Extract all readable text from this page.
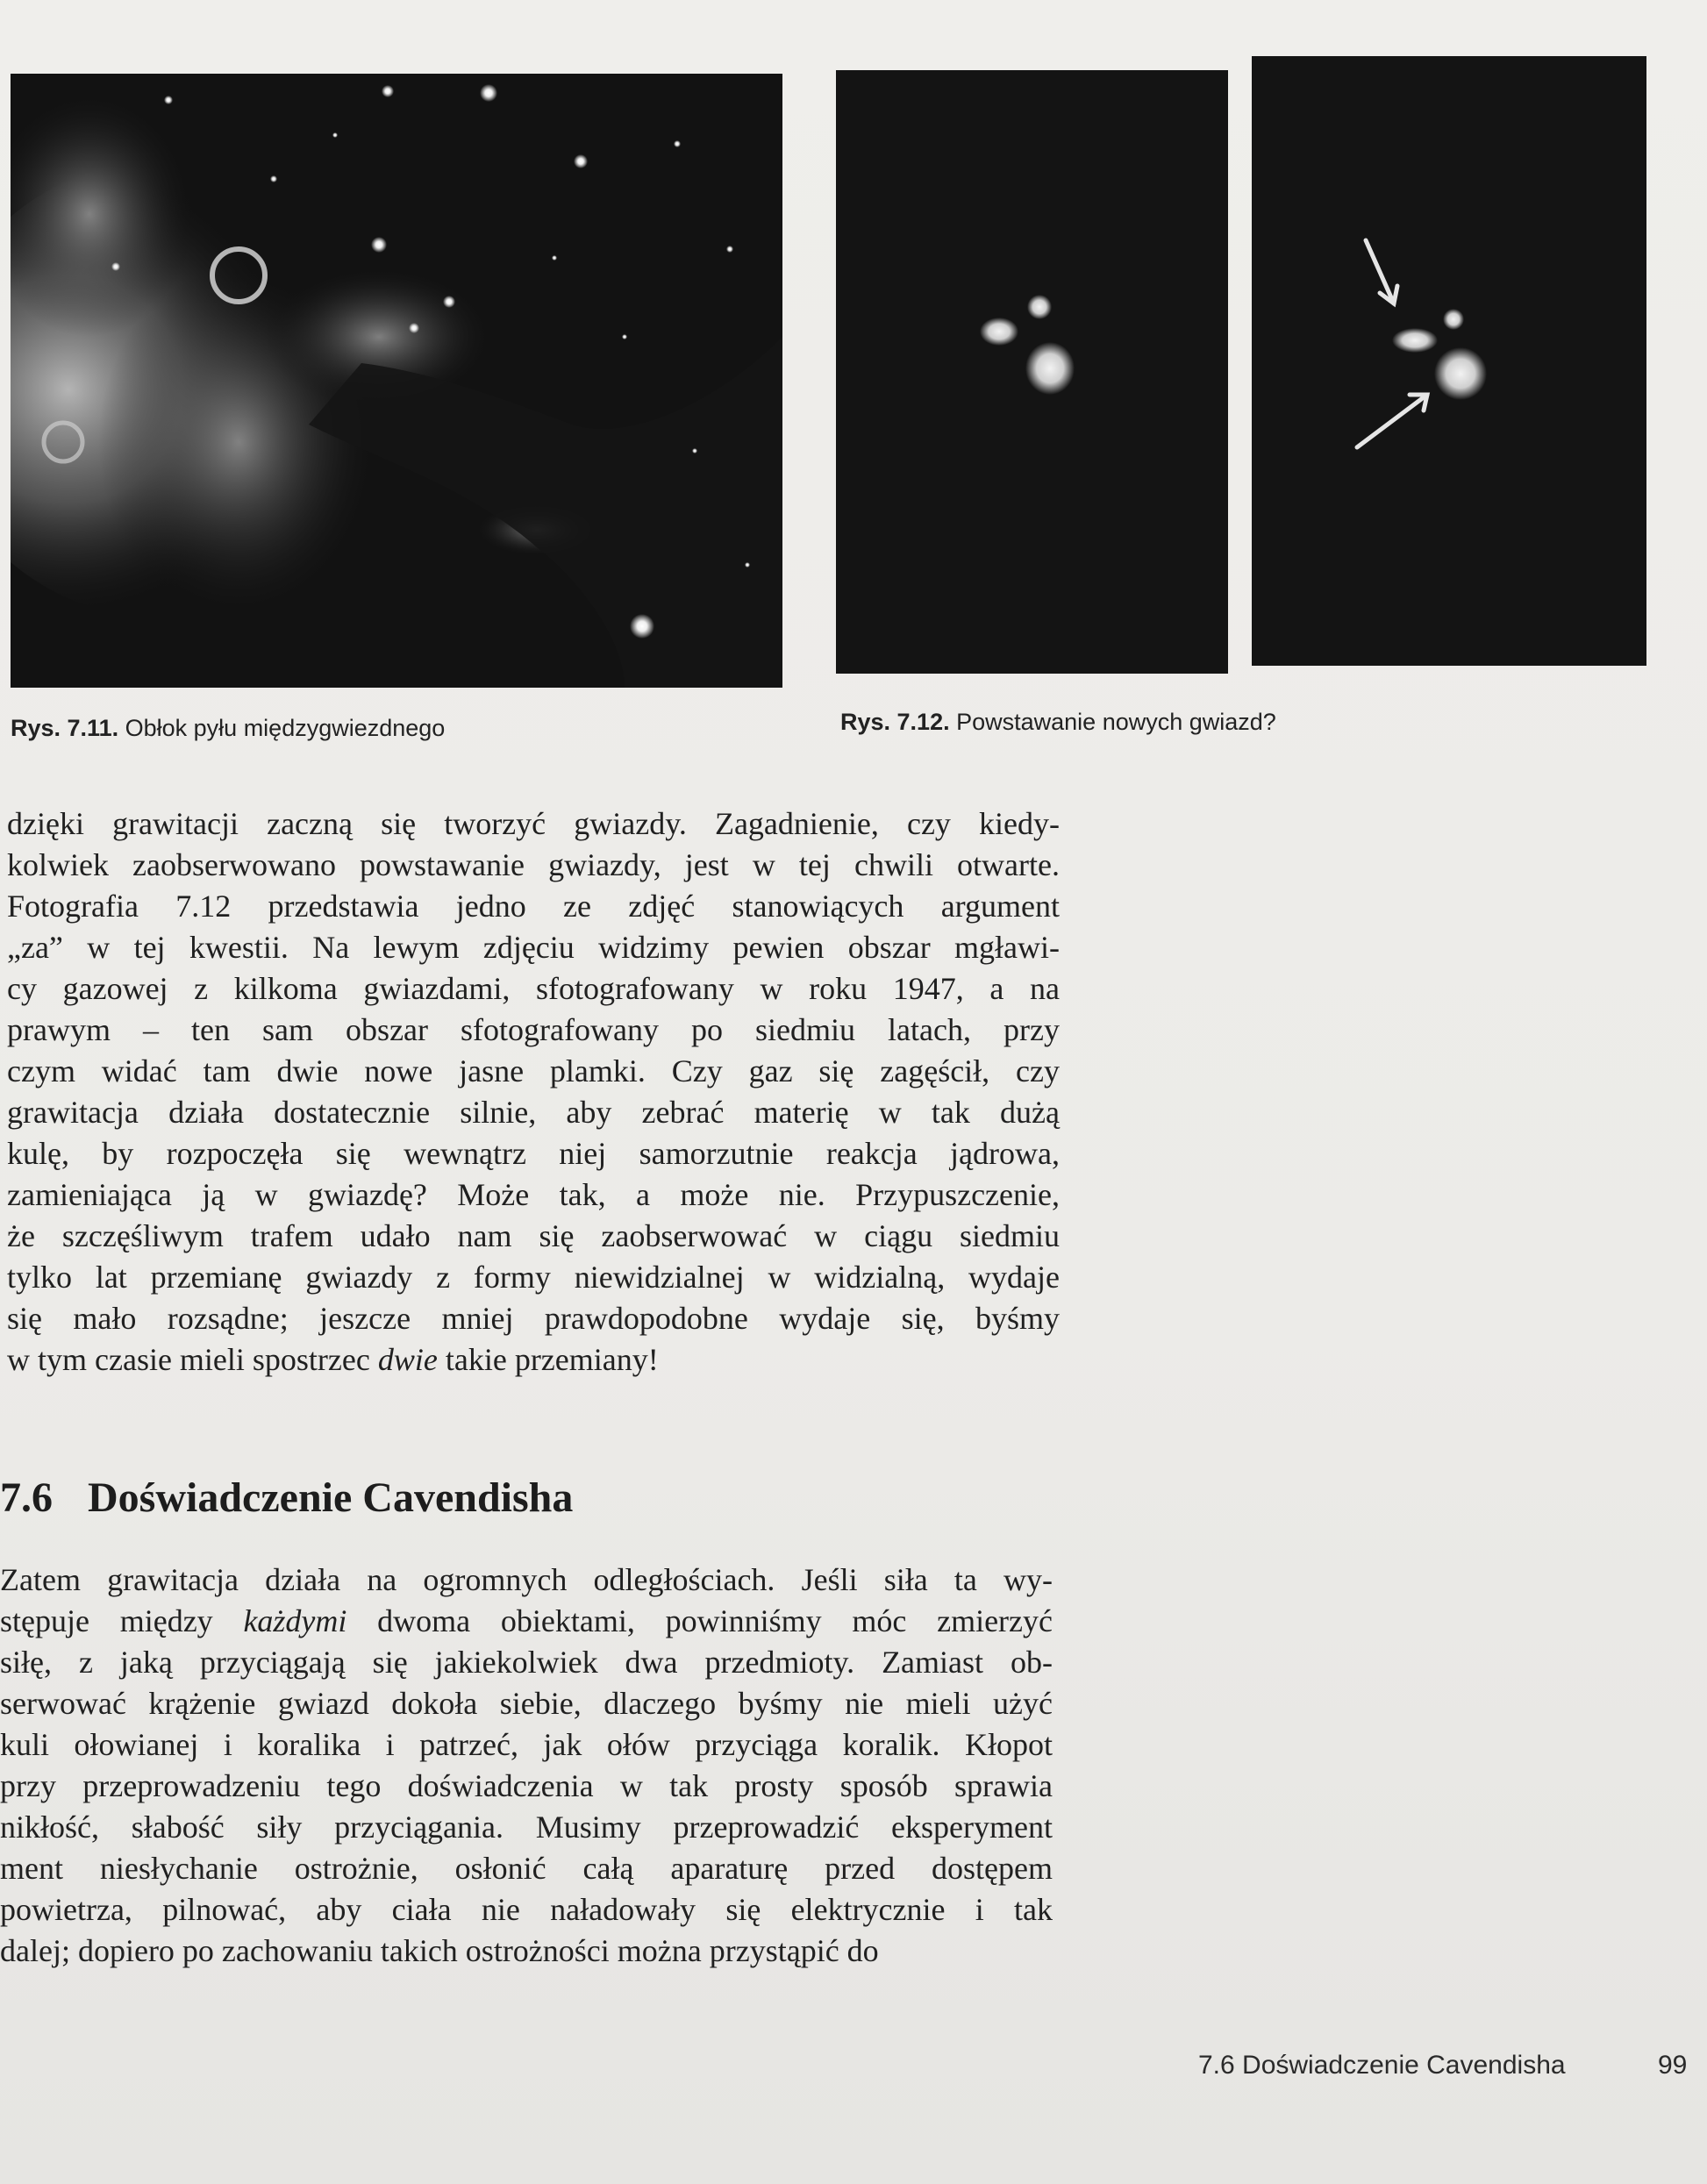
Rys. 7.11. Obłok pyłu międzygwiezdnego	Rys. 7.12. Powstawanie nowych gwiazd?
dzięki grawitacji zaczną się tworzyć gwiazdy. Zagadnienie, czy kiedy-
kolwiek zaobserwowano powstawanie gwiazdy, jest w tej chwili otwarte.
Fotografia 7.12 przedstawia jedno ze zdjęć stanowiących argument
„za” w tej kwestii. Na lewym zdjęciu widzimy pewien obszar mgławi-
cy gazowej z kilkoma gwiazdami, sfotografowany w roku 1947, a na
prawym – ten sam obszar sfotografowany po siedmiu latach, przy
czym widać tam dwie nowe jasne plamki. Czy gaz się zagęścił, czy
grawitacja działa dostatecznie silnie, aby zebrać materię w tak dużą
kulę, by rozpoczęła się wewnątrz niej samorzutnie reakcja jądrowa,
zamieniająca ją w gwiazdę? Może tak, a może nie. Przypuszczenie,
że szczęśliwym trafem udało nam się zaobserwować w ciągu siedmiu
tylko lat przemianę gwiazdy z formy niewidzialnej w widzialną, wydaje
się mało rozsądne; jeszcze mniej prawdopodobne wydaje się, byśmy
w tym czasie mieli spostrzec dwie takie przemiany!
7.6 Doświadczenie Cavendisha
Zatem grawitacja działa na ogromnych odległościach. Jeśli siła ta wy-
stępuje między każdymi dwoma obiektami, powinniśmy móc zmierzyć
siłę, z jaką przyciągają się jakiekolwiek dwa przedmioty. Zamiast ob-
serwować krążenie gwiazd dokoła siebie, dlaczego byśmy nie mieli użyć
kuli ołowianej i koralika i patrzeć, jak ołów przyciąga koralik. Kłopot
przy przeprowadzeniu tego doświadczenia w tak prosty sposób sprawia
nikłość, słabość siły przyciągania. Musimy przeprowadzić eksperyment
ment niesłychanie ostrożnie, osłonić całą aparaturę przed dostępem
powietrza, pilnować, aby ciała nie naładowały się elektrycznie i tak
dalej; dopiero po zachowaniu takich ostrożności można przystąpić do
7.6 Doświadczenie Cavendisha	99
